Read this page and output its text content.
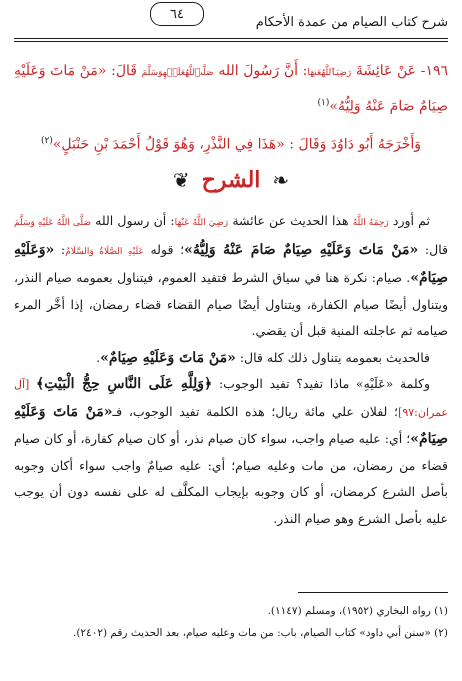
شرح كتاب الصيام من عمدة الأحكام
٦٤

١٩٦- عَنْ عَائِشَةَ رَضِيَٱللَّهُعَنهَا: أَنَّ رَسُولَ الله صَلَّىٱللَّهُعَلَيۡهِوَسَلَّمَ قَالَ: «مَنْ مَاتَ وَعَلَيْهِ صِيَامٌ صَامَ عَنْهُ وَلِيُّهُ»$^{(١)}$

وَأَخْرَجَهُ أَبُو دَاوُدَ وَقَالَ : «هَذَا فِي النَّذْرِ، وَهُوَ قَوْلُ أَحْمَدَ بْنِ حَنْبَلٍ»$^{(٢)}$

❧
الشرح
❦

ثم أورد رَحِمَهُ اللَّهُ هذا الحديث عن عائشة رَضِيَ اللَّهُ عَنْهَا: أن رسول الله صَلَّى اللَّهُ عَلَيْهِ وَسَلَّمَ قال: «مَنْ مَاتَ وَعَلَيْهِ صِيَامٌ صَامَ عَنْهُ وَلِيُّهُ»؛ قوله عَلَيْهِ الصَّلَاةُ وَالسَّلَامُ: «وَعَلَيْهِ صِيَامٌ». صيام: نكرة هنا في سياق الشرط فتفيد العموم، فيتناول بعمومه صيام النذر، ويتناول أيضًا صيام الكفارة، ويتناول أيضًا صيام القضاء قضاء رمضان، إذا أخَّر المرء صيامه ثم عاجلته المنية قبل أن يقضي.

فالحديث بعمومه يتناول ذلك كله قال: «مَنْ مَاتَ وَعَلَيْهِ صِيَامٌ».

وكلمة «عَلَيْهِ» ماذا تفيد؟ تفيد الوجوب: ﴿وَلِلَّهِ عَلَى النَّاسِ حِجُّ الْبَيْتِ﴾ [آل عمران:٩٧]؛ لفلان علي مائة ريال؛ هذه الكلمة تفيد الوجوب، فـ«مَنْ مَاتَ وَعَلَيْهِ صِيَامٌ»؛ أي: عليه صيام واجب، سواء كان صيام نذر، أو كان صيام كفارة، أو كان صيام قضاء من رمضان، من مات وعليه صيام؛ أي: عليه صيامٌ واجب سواء أكان وجوبه بأصل الشرع كرمضان، أو كان وجوبه بإيجاب المكلَّف له على نفسه دون أن يوجب عليه بأصل الشرع وهو صيام النذر.

(١) رواه البخاري (١٩٥٢)، ومسلم (١١٤٧).

(٢) «سنن أبي داود» كتاب الصيام، باب: من مات وعليه صيام، بعد الحديث رقم (٢٤٠٢).
